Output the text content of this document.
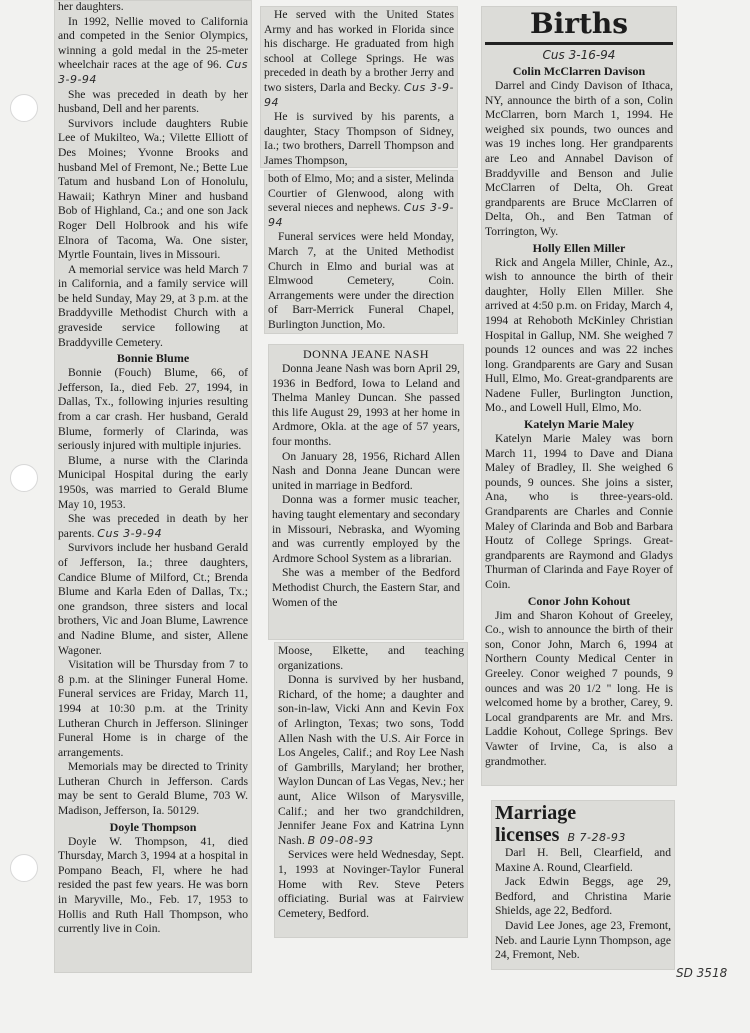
her daughters.

In 1992, Nellie moved to California and competed in the Senior Olympics, winning a gold medal in the 25-meter wheelchair races at the age of 96. Cus 3-9-94

She was preceded in death by her husband, Dell and her parents.

Survivors include daughters Rubie Lee of Mukilteo, Wa.; Vilette Elliott of Des Moines; Yvonne Brooks and husband Mel of Fremont, Ne.; Bette Lue Tatum and husband Lon of Honolulu, Hawaii; Kathryn Miner and husband Bob of Highland, Ca.; and one son Jack Roger Dell Holbrook and his wife Elnora of Tacoma, Wa. One sister, Myrtle Fountain, lives in Missouri.

A memorial service was held March 7 in California, and a family service will be held Sunday, May 29, at 3 p.m. at the Braddyville Methodist Church with a graveside service following at Braddyville Cemetery.

Bonnie Blume

Bonnie (Fouch) Blume, 66, of Jefferson, Ia., died Feb. 27, 1994, in Dallas, Tx., following injuries resulting from a car crash. Her husband, Gerald Blume, formerly of Clarinda, was seriously injured with multiple injuries.

Blume, a nurse with the Clarinda Municipal Hospital during the early 1950s, was married to Gerald Blume May 10, 1953.

She was preceded in death by her parents. Cus 3-9-94

Survivors include her husband Gerald of Jefferson, Ia.; three daughters, Candice Blume of Milford, Ct.; Brenda Blume and Karla Eden of Dallas, Tx.; one grandson, three sisters and local brothers, Vic and Joan Blume, Lawrence and Nadine Blume, and sister, Allene Wagoner.

Visitation will be Thursday from 7 to 8 p.m. at the Slininger Funeral Home. Funeral services are Friday, March 11, 1994 at 10:30 p.m. at the Trinity Lutheran Church in Jefferson. Slininger Funeral Home is in charge of the arrangements.

Memorials may be directed to Trinity Lutheran Church in Jefferson. Cards may be sent to Gerald Blume, 703 W. Madison, Jefferson, Ia. 50129.

Doyle Thompson

Doyle W. Thompson, 41, died Thursday, March 3, 1994 at a hospital in Pompano Beach, Fl, where he had resided the past few years. He was born in Maryville, Mo., Feb. 17, 1953 to Hollis and Ruth Hall Thompson, who currently live in Coin.

He served with the United States Army and has worked in Florida since his discharge. He graduated from high school at College Springs. He was preceded in death by a brother Jerry and two sisters, Darla and Becky. Cus 3-9-94

He is survived by his parents, a daughter, Stacy Thompson of Sidney, Ia.; two brothers, Darrell Thompson and James Thompson,

both of Elmo, Mo; and a sister, Melinda Courtier of Glenwood, along with several nieces and nephews. Cus 3-9-94

Funeral services were held Monday, March 7, at the United Methodist Church in Elmo and burial was at Elmwood Cemetery, Coin. Arrangements were under the direction of Barr-Merrick Funeral Chapel, Burlington Junction, Mo.

DONNA JEANE NASH

Donna Jeane Nash was born April 29, 1936 in Bedford, Iowa to Leland and Thelma Manley Duncan. She passed this life August 29, 1993 at her home in Ardmore, Okla. at the age of 57 years, four months.

On January 28, 1956, Richard Allen Nash and Donna Jeane Duncan were united in marriage in Bedford.

Donna was a former music teacher, having taught elementary and secondary in Missouri, Nebraska, and Wyoming and was currently employed by the Ardmore School System as a librarian.

She was a member of the Bedford Methodist Church, the Eastern Star, and Women of the

Moose, Elkette, and teaching organizations.

Donna is survived by her husband, Richard, of the home; a daughter and son-in-law, Vicki Ann and Kevin Fox of Arlington, Texas; two sons, Todd Allen Nash with the U.S. Air Force in Los Angeles, Calif.; and Roy Lee Nash of Gambrills, Maryland; her brother, Waylon Duncan of Las Vegas, Nev.; her aunt, Alice Wilson of Marysville, Calif.; and her two grandchildren, Jennifer Jeane Fox and Katrina Lynn Nash. B 09-08-93

Services were held Wednesday, Sept. 1, 1993 at Novinger-Taylor Funeral Home with Rev. Steve Peters officiating. Burial was at Fairview Cemetery, Bedford.

Births
Cus 3-16-94
Colin McClarren Davison

Darrel and Cindy Davison of Ithaca, NY, announce the birth of a son, Colin McClarren, born March 1, 1994. He weighed six pounds, two ounces and was 19 inches long. Her grandparents are Leo and Annabel Davison of Braddyville and Benson and Julie McClarren of Delta, Oh. Great grandparents are Bruce McClarren of Delta, Oh., and Ben Tatman of Torrington, Wy.

Holly Ellen Miller

Rick and Angela Miller, Chinle, Az., wish to announce the birth of their daughter, Holly Ellen Miller. She arrived at 4:50 p.m. on Friday, March 4, 1994 at Rehoboth McKinley Christian Hospital in Gallup, NM. She weighed 7 pounds 12 ounces and was 22 inches long. Grandparents are Gary and Susan Hull, Elmo, Mo. Great-grandparents are Nadene Fuller, Burlington Junction, Mo., and Lowell Hull, Elmo, Mo.

Katelyn Marie Maley

Katelyn Marie Maley was born March 11, 1994 to Dave and Diana Maley of Bradley, Il. She weighed 6 pounds, 9 ounces. She joins a sister, Ana, who is three-years-old. Grandparents are Charles and Connie Maley of Clarinda and Bob and Barbara Houtz of College Springs. Great-grandparents are Raymond and Gladys Thurman of Clarinda and Faye Royer of Coin.

Conor John Kohout

Jim and Sharon Kohout of Greeley, Co., wish to announce the birth of their son, Conor John, March 6, 1994 at Northern County Medical Center in Greeley. Conor weighed 7 pounds, 9 ounces and was 20 1/2 " long. He is welcomed home by a brother, Carey, 9. Local grandparents are Mr. and Mrs. Laddie Kohout, College Springs. Bev Vawter of Irvine, Ca, is also a grandmother.

Marriage
licenses B 7-28-93

Darl H. Bell, Clearfield, and Maxine A. Round, Clearfield.

Jack Edwin Beggs, age 29, Bedford, and Christina Marie Shields, age 22, Bedford.

David Lee Jones, age 23, Fremont, Neb. and Laurie Lynn Thompson, age 24, Fremont, Neb.

SD 3518
